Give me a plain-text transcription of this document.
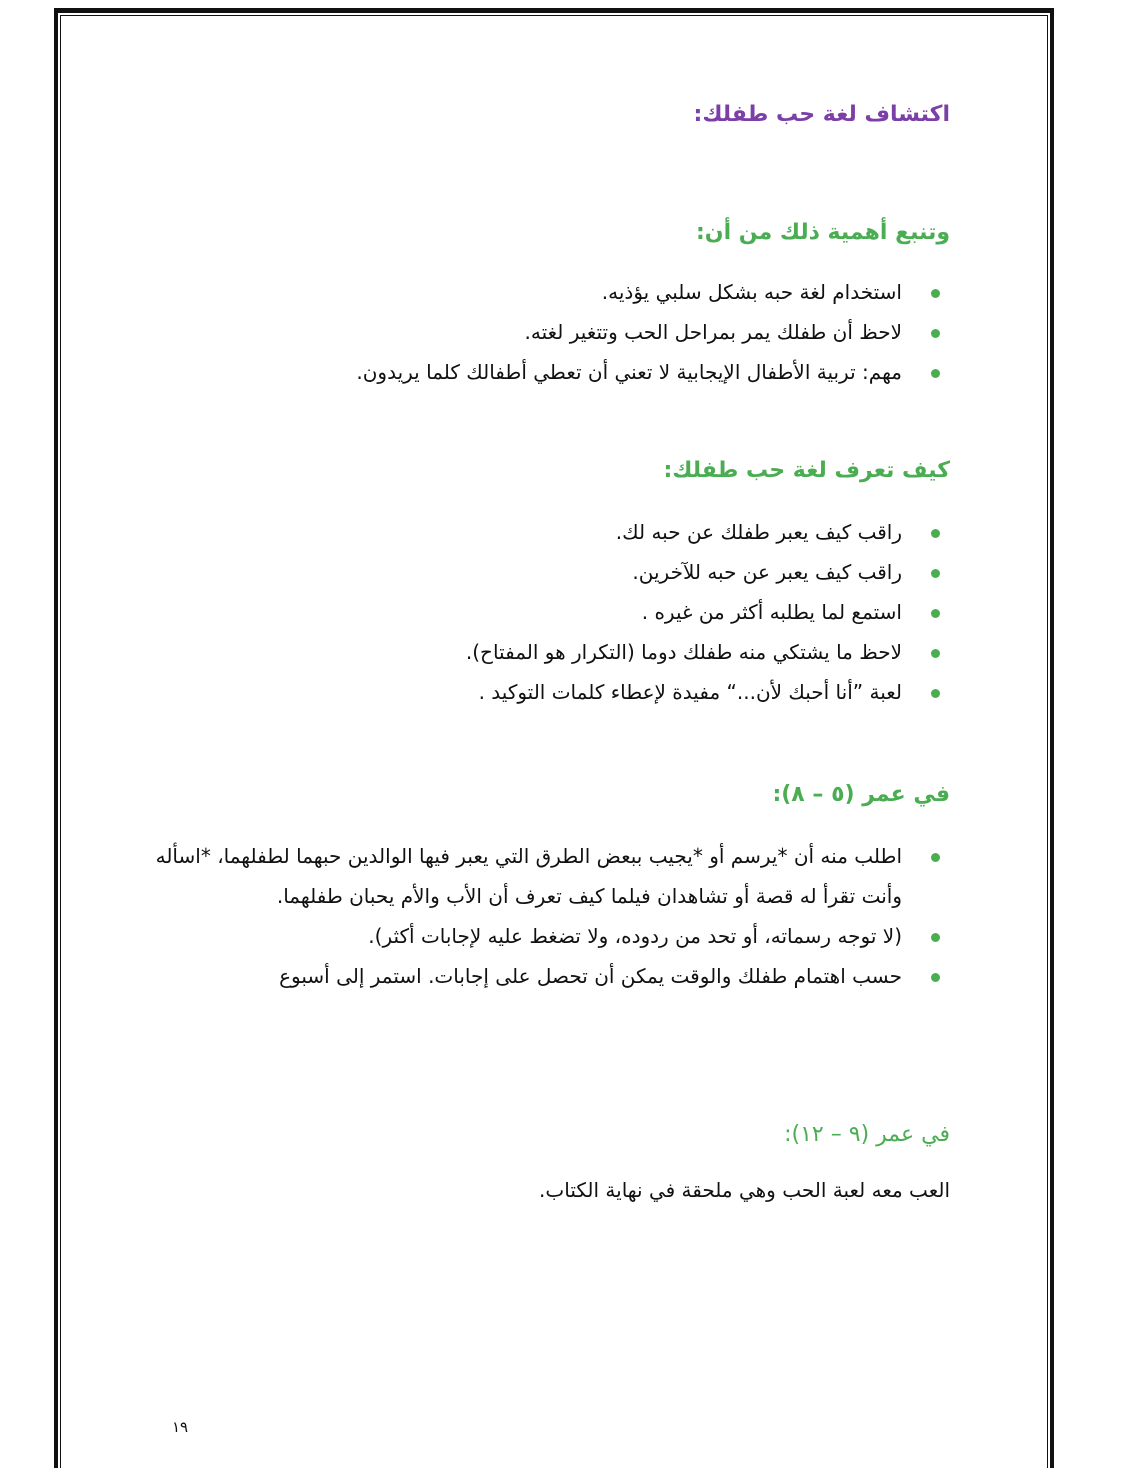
اكتشاف لغة حب طفلك:
وتنبع أهمية ذلك من أن:
استخدام لغة حبه بشكل سلبي يؤذيه.
لاحظ أن طفلك يمر بمراحل الحب وتتغير لغته.
مهم: تربية الأطفال الإيجابية لا تعني أن تعطي أطفالك كلما يريدون.
كيف تعرف لغة حب طفلك:
راقب كيف يعبر طفلك عن حبه لك.
راقب كيف يعبر عن حبه للآخرين.
استمع لما يطلبه أكثر من غيره .
لاحظ ما يشتكي منه طفلك دوما (التكرار هو المفتاح).
لعبة ”أنا أحبك لأن...“ مفيدة لإعطاء كلمات التوكيد .
في عمر (٥ – ٨):
اطلب منه أن *يرسم أو *يجيب ببعض الطرق التي يعبر فيها الوالدين حبهما لطفلهما، *اسأله وأنت تقرأ له قصة أو تشاهدان فيلما كيف تعرف أن الأب والأم يحبان طفلهما.
(لا توجه رسماته، أو تحد من ردوده، ولا تضغط عليه لإجابات أكثر).
حسب اهتمام طفلك والوقت يمكن أن تحصل على إجابات. استمر إلى أسبوع
في عمر (٩ – ١٢):

العب معه لعبة الحب وهي ملحقة في نهاية الكتاب.

١٩
